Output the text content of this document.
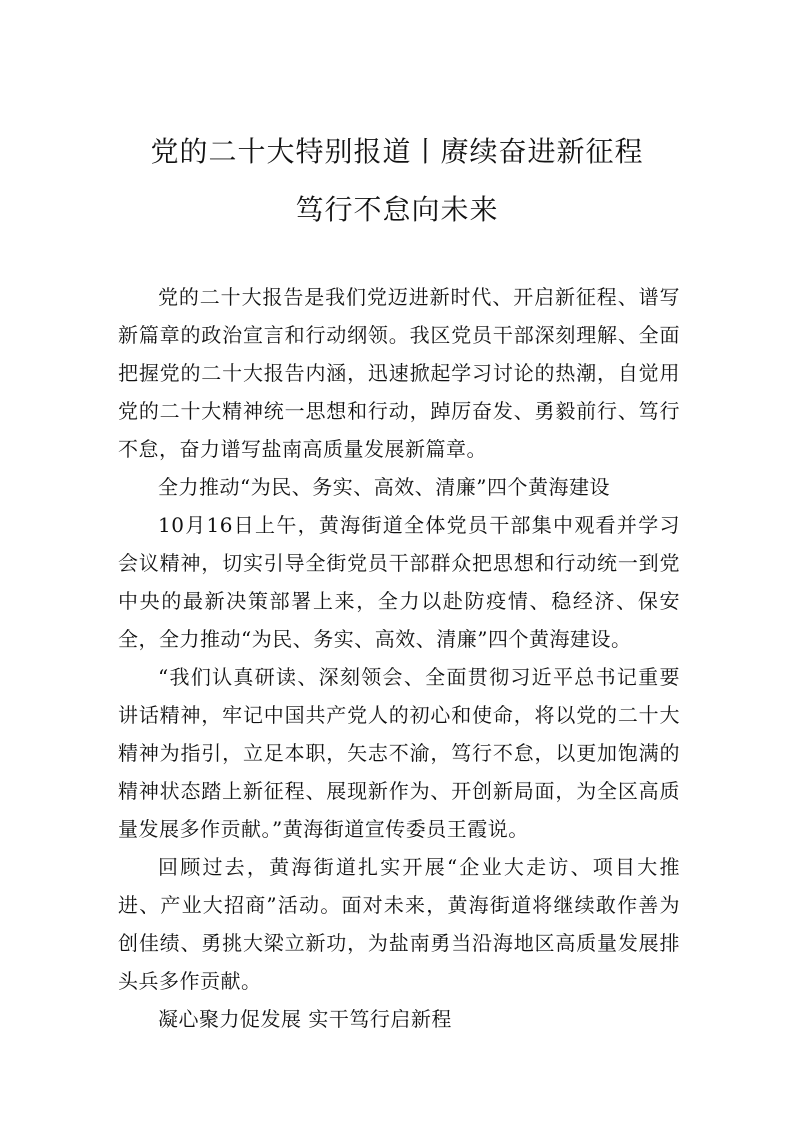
党的二十大特别报道丨赓续奋进新征程
笃行不怠向未来

党的二十大报告是我们党迈进新时代、开启新征程、谱写新篇章的政治宣言和行动纲领。我区党员干部深刻理解、全面把握党的二十大报告内涵，迅速掀起学习讨论的热潮，自觉用党的二十大精神统一思想和行动，踔厉奋发、勇毅前行、笃行不怠，奋力谱写盐南高质量发展新篇章。

全力推动“为民、务实、高效、清廉”四个黄海建设

10月16日上午，黄海街道全体党员干部集中观看并学习会议精神，切实引导全街党员干部群众把思想和行动统一到党中央的最新决策部署上来，全力以赴防疫情、稳经济、保安全，全力推动“为民、务实、高效、清廉”四个黄海建设。

“我们认真研读、深刻领会、全面贯彻习近平总书记重要讲话精神，牢记中国共产党人的初心和使命，将以党的二十大精神为指引，立足本职，矢志不渝，笃行不怠，以更加饱满的精神状态踏上新征程、展现新作为、开创新局面，为全区高质量发展多作贡献。”黄海街道宣传委员王霞说。

回顾过去，黄海街道扎实开展“企业大走访、项目大推进、产业大招商”活动。面对未来，黄海街道将继续敢作善为创佳绩、勇挑大梁立新功，为盐南勇当沿海地区高质量发展排头兵多作贡献。

凝心聚力促发展 实干笃行启新程
